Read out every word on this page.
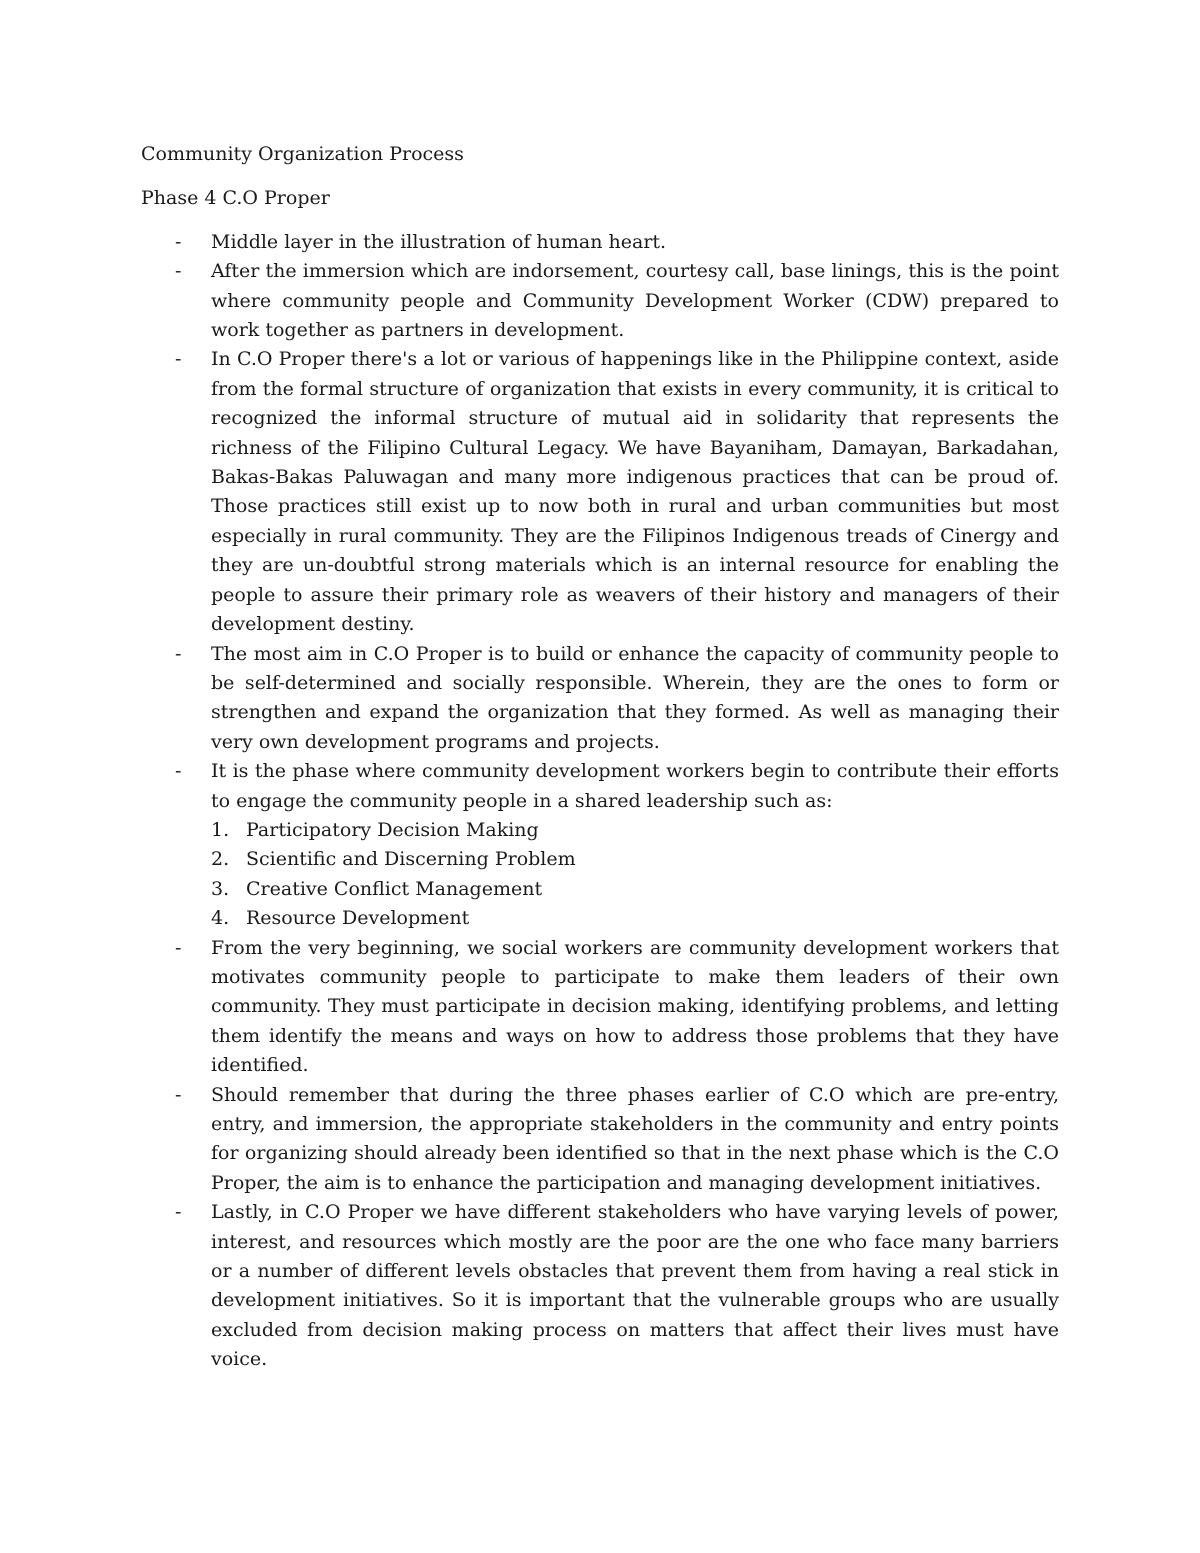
Community Organization Process

Phase 4 C.O Proper

- Middle layer in the illustration of human heart.
- After the immersion which are indorsement, courtesy call, base linings, this is the point where community people and Community Development Worker (CDW) prepared to work together as partners in development.
- In C.O Proper there's a lot or various of happenings like in the Philippine context, aside from the formal structure of organization that exists in every community, it is critical to recognized the informal structure of mutual aid in solidarity that represents the richness of the Filipino Cultural Legacy. We have Bayaniham, Damayan, Barkadahan, Bakas-Bakas Paluwagan and many more indigenous practices that can be proud of. Those practices still exist up to now both in rural and urban communities but most especially in rural community. They are the Filipinos Indigenous treads of Cinergy and they are un-doubtful strong materials which is an internal resource for enabling the people to assure their primary role as weavers of their history and managers of their development destiny.
- The most aim in C.O Proper is to build or enhance the capacity of community people to be self-determined and socially responsible. Wherein, they are the ones to form or strengthen and expand the organization that they formed. As well as managing their very own development programs and projects.
- It is the phase where community development workers begin to contribute their efforts to engage the community people in a shared leadership such as:
1. Participatory Decision Making
2. Scientific and Discerning Problem
3. Creative Conflict Management
4. Resource Development
- From the very beginning, we social workers are community development workers that motivates community people to participate to make them leaders of their own community. They must participate in decision making, identifying problems, and letting them identify the means and ways on how to address those problems that they have identified.
- Should remember that during the three phases earlier of C.O which are pre-entry, entry, and immersion, the appropriate stakeholders in the community and entry points for organizing should already been identified so that in the next phase which is the C.O Proper, the aim is to enhance the participation and managing development initiatives.
- Lastly, in C.O Proper we have different stakeholders who have varying levels of power, interest, and resources which mostly are the poor are the one who face many barriers or a number of different levels obstacles that prevent them from having a real stick in development initiatives. So it is important that the vulnerable groups who are usually excluded from decision making process on matters that affect their lives must have voice.
